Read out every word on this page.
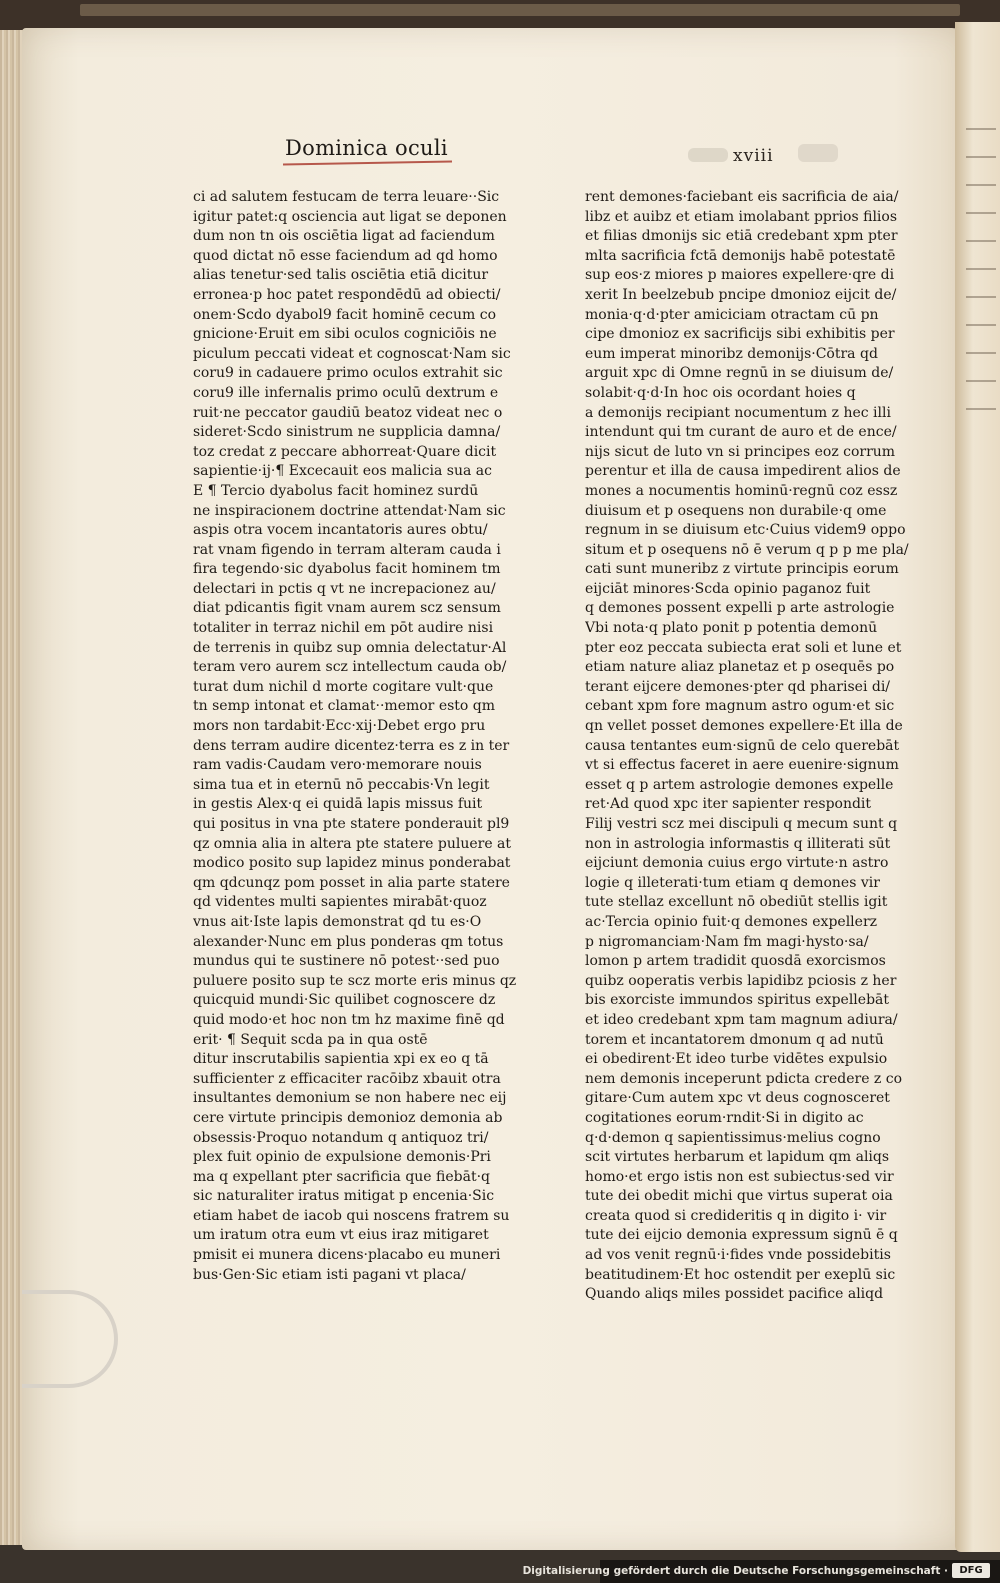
Dominica oculi	xviii
ci ad salutem festucam de terra leuare··Sic
igitur patet:q osciencia aut ligat se deponen
dum non tn ois osciētia ligat ad faciendum
quod dictat nō esse faciendum ad qd homo
alias tenetur·sed talis osciētia etiā dicitur
erronea·p hoc patet respondēdū ad obiecti/
onem·Scdo dyabol9 facit hominē cecum co
gnicione·Eruit em sibi oculos cogniciōis ne
piculum peccati videat et cognoscat·Nam sic
coru9 in cadauere primo oculos extrahit sic
coru9 ille infernalis primo oculū dextrum e
ruit·ne peccator gaudiū beatoz videat nec o
sideret·Scdo sinistrum ne supplicia damna/
toz credat z peccare abhorreat·Quare dicit
sapientie·ij·¶ Excecauit eos malicia sua ac
E ¶ Tercio dyabolus facit hominez surdū
ne inspiracionem doctrine attendat·Nam sic
aspis otra vocem incantatoris aures obtu/
rat vnam figendo in terram alteram cauda i
fira tegendo·sic dyabolus facit hominem tm
delectari in pctis q vt ne increpacionez au/
diat pdicantis figit vnam aurem scz sensum
totaliter in terraz nichil em pōt audire nisi
de terrenis in quibz sup omnia delectatur·Al
teram vero aurem scz intellectum cauda ob/
turat dum nichil d morte cogitare vult·que
tn semp intonat et clamat··memor esto qm
mors non tardabit·Ecc·xij·Debet ergo pru
dens terram audire dicentez·terra es z in ter
ram vadis·Caudam vero·memorare nouis
sima tua et in eternū nō peccabis·Vn legit
in gestis Alex·q ei quidā lapis missus fuit
qui positus in vna pte statere ponderauit pl9
qz omnia alia in altera pte statere puluere at
modico posito sup lapidez minus ponderabat
qm qdcunqz pom posset in alia parte statere
qd videntes multi sapientes mirabāt·quoz
vnus ait·Iste lapis demonstrat qd tu es·O
alexander·Nunc em plus ponderas qm totus
mundus qui te sustinere nō potest··sed puo
puluere posito sup te scz morte eris minus qz
quicquid mundi·Sic quilibet cognoscere dz
quid modo·et hoc non tm hz maxime finē qd
erit· ¶ Sequit scda pa in qua ostē
ditur inscrutabilis sapientia xpi ex eo q tā
sufficienter z efficaciter racōibz xbauit otra
insultantes demonium se non habere nec eij
cere virtute principis demonioz demonia ab
obsessis·Proquo notandum q antiquoz tri/
plex fuit opinio de expulsione demonis·Pri
ma q expellant pter sacrificia que fiebāt·q
sic naturaliter iratus mitigat p encenia·Sic
etiam habet de iacob qui noscens fratrem su
um iratum otra eum vt eius iraz mitigaret
pmisit ei munera dicens·placabo eu muneri
bus·Gen·Sic etiam isti pagani vt placa/
rent demones·faciebant eis sacrificia de aia/
libz et auibz et etiam imolabant pprios filios
et filias dmonijs sic etiā credebant xpm pter
mlta sacrificia fctā demonijs habē potestatē
sup eos·z miores p maiores expellere·qre di
xerit In beelzebub pncipe dmonioz eijcit de/
monia·q·d·pter amiciciam otractam cū pn
cipe dmonioz ex sacrificijs sibi exhibitis per
eum imperat minoribz demonijs·Cōtra qd
arguit xpc di Omne regnū in se diuisum de/
solabit·q·d·In hoc ois ocordant hoies q
a demonijs recipiant nocumentum z hec illi
intendunt qui tm curant de auro et de ence/
nijs sicut de luto vn si principes eoz corrum
perentur et illa de causa impedirent alios de
mones a nocumentis hominū·regnū coz essz
diuisum et p osequens non durabile·q ome
regnum in se diuisum etc·Cuius videm9 oppo
situm et p osequens nō ē verum q p p me pla/
cati sunt muneribz z virtute principis eorum
eijciāt minores·Scda opinio paganoz fuit
q demones possent expelli p arte astrologie
Vbi nota·q plato ponit p potentia demonū
pter eoz peccata subiecta erat soli et lune et
etiam nature aliaz planetaz et p osequēs po
terant eijcere demones·pter qd pharisei di/
cebant xpm fore magnum astro ogum·et sic
qn vellet posset demones expellere·Et illa de
causa tentantes eum·signū de celo querebāt
vt si effectus faceret in aere euenire·signum
esset q p artem astrologie demones expelle
ret·Ad quod xpc iter sapienter respondit
Filij vestri scz mei discipuli q mecum sunt q
non in astrologia informastis q illiterati sūt
eijciunt demonia cuius ergo virtute·n astro
logie q illeterati·tum etiam q demones vir
tute stellaz excellunt nō obediūt stellis igit
ac·Tercia opinio fuit·q demones expellerz
p nigromanciam·Nam fm magi·hysto·sa/
lomon p artem tradidit quosdā exorcismos
quibz ooperatis verbis lapidibz pciosis z her
bis exorciste immundos spiritus expellebāt
et ideo credebant xpm tam magnum adiura/
torem et incantatorem dmonum q ad nutū
ei obedirent·Et ideo turbe vidētes expulsio
nem demonis inceperunt pdicta credere z co
gitare·Cum autem xpc vt deus cognosceret
cogitationes eorum·rndit·Si in digito ac
q·d·demon q sapientissimus·melius cogno
scit virtutes herbarum et lapidum qm aliqs
homo·et ergo istis non est subiectus·sed vir
tute dei obedit michi que virtus superat oia
creata quod si credideritis q in digito i· vir
tute dei eijcio demonia expressum signū ē q
ad vos venit regnū·i·fides vnde possidebitis
beatitudinem·Et hoc ostendit per exeplū sic
Quando aliqs miles possidet pacifice aliqd
Digitalisierung gefördert durch die Deutsche Forschungsgemeinschaft ·	DFG
